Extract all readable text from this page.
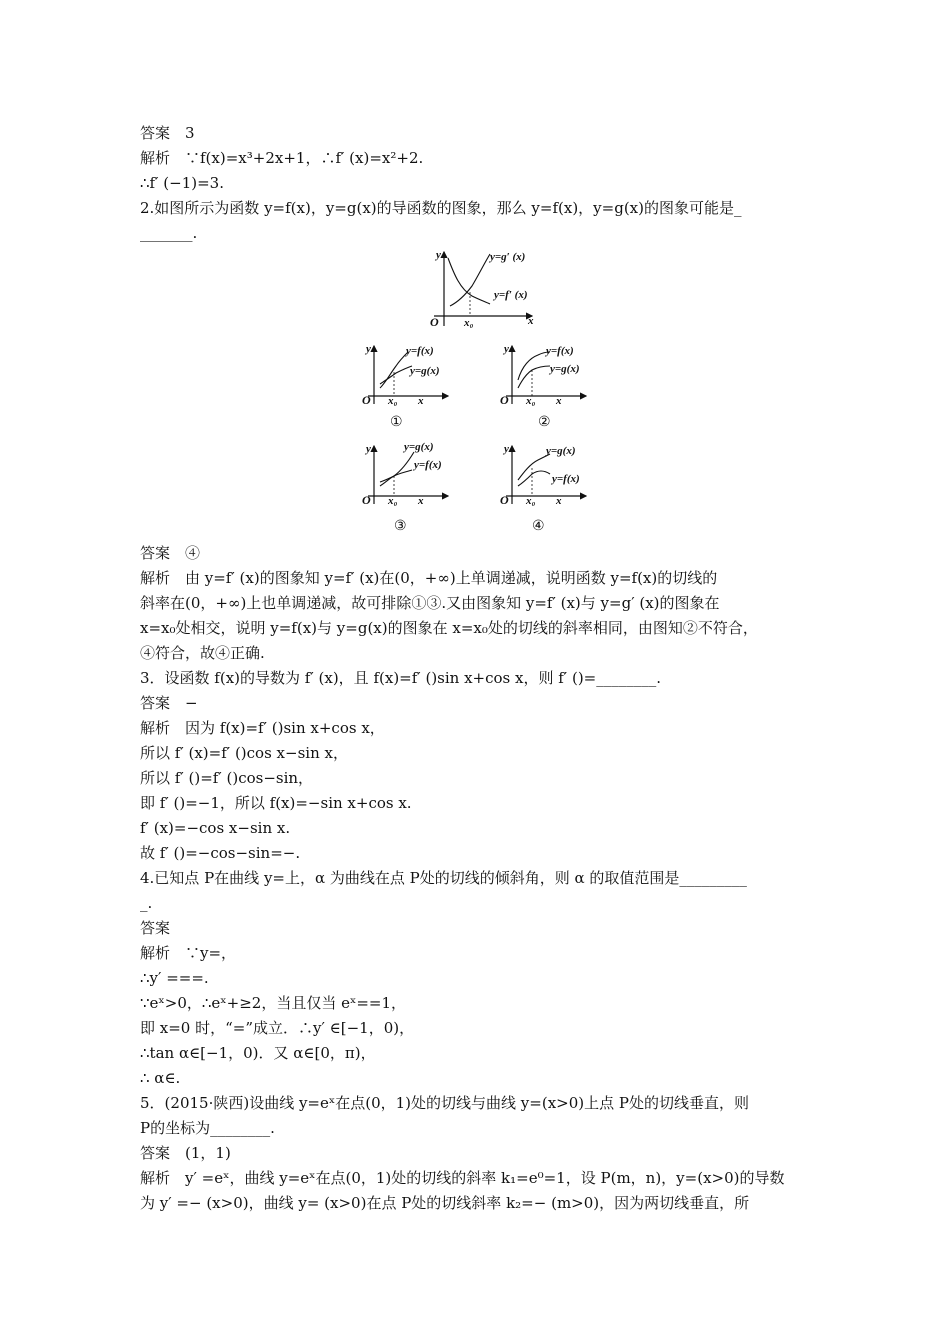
答案　3
解析　∵f(x)=x³+2x+1，∴f′ (x)=x²+2.
∴f′ (−1)=3.
2.如图所示为函数 y=f(x)，y=g(x)的导函数的图象，那么 y=f(x)，y=g(x)的图象可能是_
_______.
y
O	x
x₀
y=g′ (x)
y=f′ (x)
y
O x₀ x
y=f(x)
y=g(x)
①
y
O x₀ x
y=f(x)
y=g(x)
②
y
O x₀ x
y=g(x)
y=f(x)
③
y
O x₀ x
y=g(x)
y=f(x)
④
答案　④
解析　由 y=f′ (x)的图象知 y=f′ (x)在(0，+∞)上单调递减，说明函数 y=f(x)的切线的
斜率在(0，+∞)上也单调递减，故可排除①③.又由图象知 y=f′ (x)与 y=g′ (x)的图象在
x=x₀处相交，说明 y=f(x)与 y=g(x)的图象在 x=x₀处的切线的斜率相同，由图知②不符合，
④符合，故④正确.
3．设函数 f(x)的导数为 f′ (x)，且 f(x)=f′ ()sin x+cos x，则 f′ ()=________.
答案　−
解析　因为 f(x)=f′ ()sin x+cos x，
所以 f′ (x)=f′ ()cos x−sin x，
所以 f′ ()=f′ ()cos−sin，
即 f′ ()=−1，所以 f(x)=−sin x+cos x.
f′ (x)=−cos x−sin x.
故 f′ ()=−cos−sin=−.
4.已知点 P在曲线 y=上，α 为曲线在点 P处的切线的倾斜角，则 α 的取值范围是_________
_.
答案
解析　∵y=，
∴y′ ===.
∵eˣ>0，∴eˣ+≥2，当且仅当 eˣ==1，
即 x=0 时，“=”成立．∴y′ ∈[−1，0)，
∴tan α∈[−1，0)．又 α∈[0，π)，
∴ α∈.
5．(2015·陕西)设曲线 y=eˣ在点(0，1)处的切线与曲线 y=(x>0)上点 P处的切线垂直，则
P的坐标为________.
答案　(1，1)
解析　y′ =eˣ，曲线 y=eˣ在点(0，1)处的切线的斜率 k₁=e⁰=1，设 P(m，n)，y=(x>0)的导数
为 y′ =− (x>0)，曲线 y= (x>0)在点 P处的切线斜率 k₂=− (m>0)，因为两切线垂直，所
